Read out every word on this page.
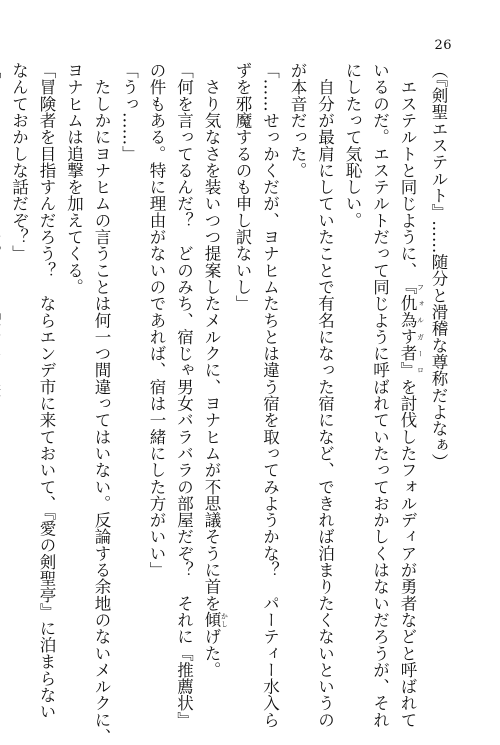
26
（『剣聖エステルト』……随分と滑稽な尊称だよなぁ）
　エステルトと同じように、『仇為す者』 フォルガーロを討伐したフォルディアが勇者などと呼ばれて
いるのだ。エステルトだって同じように呼ばれていたっておかしくはないだろうが、それ
にしたって気恥しい。
　自分が最肩にしていたことで有名になった宿になど、できれば泊まりたくないというの
が本音だった。
「……せっかくだが、ヨナヒムたちとは違う宿を取ってみようかな？　パーティー水入ら
ずを邪魔するのも申し訳ないし」
　さり気なさを装いつつ提案したメルクに、ヨナヒムが不思議そうに首を傾 かしげた。
「何を言ってるんだ？　どのみち、宿じゃ男女バラバラの部屋だぞ？　それに『推薦状』
の件もある。特に理由がないのであれば、宿は一緒にした方がいい」
「うっ……」
　たしかにヨナヒムの言うことは何一つ間違ってはいない。反論する余地のないメルクに、
ヨナヒムは追撃を加えてくる。
「冒険者を目指すんだろう？　ならエンデ市に来ておいて、『愛の剣聖亭』に泊まらない
なんておかしな話だぞ？」
